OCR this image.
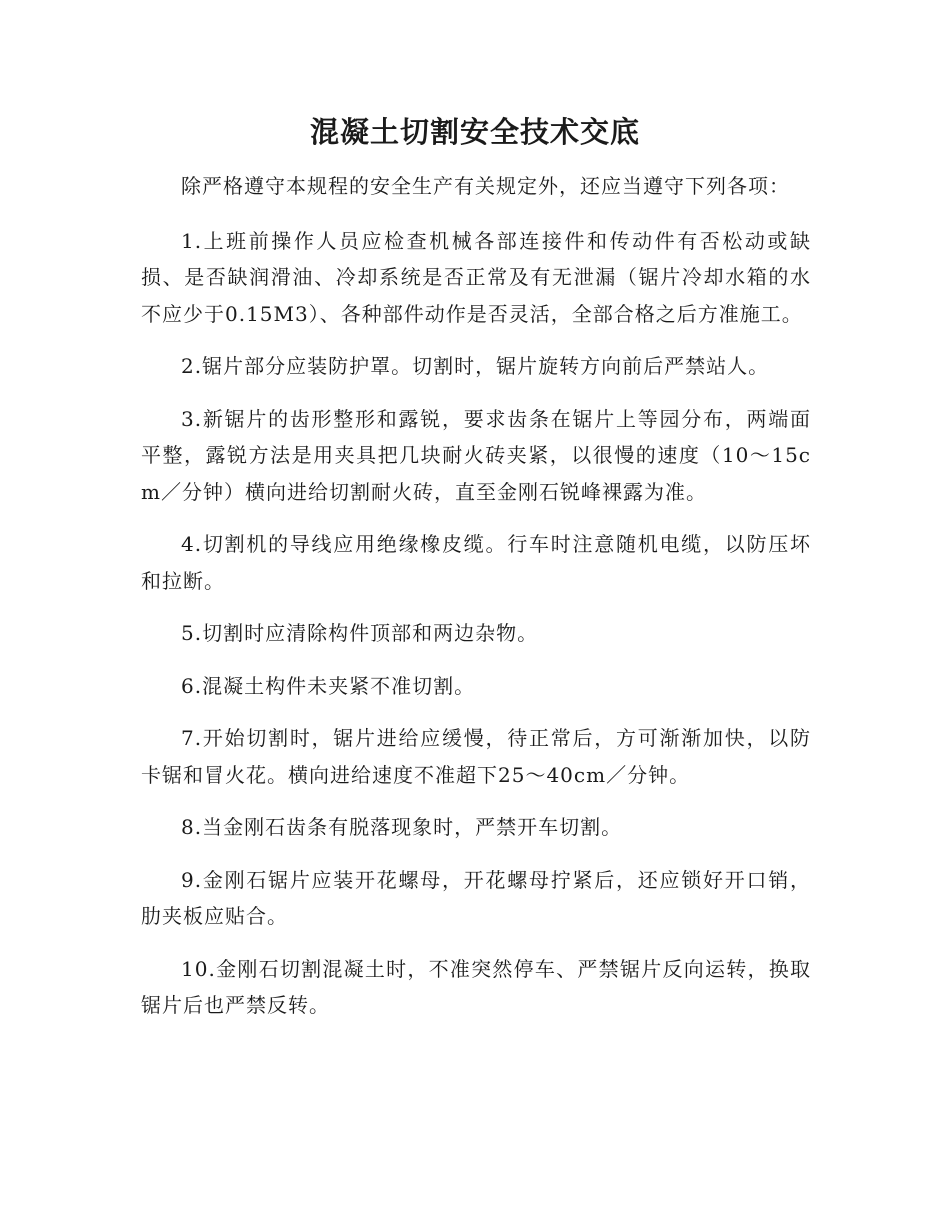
混凝土切割安全技术交底

除严格遵守本规程的安全生产有关规定外，还应当遵守下列各项：

1.上班前操作人员应检查机械各部连接件和传动件有否松动或缺损、是否缺润滑油、冷却系统是否正常及有无泄漏（锯片冷却水箱的水不应少于0.15M3）、各种部件动作是否灵活，全部合格之后方准施工。

2.锯片部分应装防护罩。切割时，锯片旋转方向前后严禁站人。

3.新锯片的齿形整形和露锐，要求齿条在锯片上等园分布，两端面平整，露锐方法是用夹具把几块耐火砖夹紧，以很慢的速度（10～15cm／分钟）横向进给切割耐火砖，直至金刚石锐峰裸露为准。

4.切割机的导线应用绝缘橡皮缆。行车时注意随机电缆，以防压坏和拉断。

5.切割时应清除构件顶部和两边杂物。

6.混凝土构件未夹紧不准切割。

7.开始切割时，锯片进给应缓慢，待正常后，方可渐渐加快，以防卡锯和冒火花。横向进给速度不准超下25～40cm／分钟。

8.当金刚石齿条有脱落现象时，严禁开车切割。

9.金刚石锯片应装开花螺母，开花螺母拧紧后，还应锁好开口销，肋夹板应贴合。

10.金刚石切割混凝土时，不准突然停车、严禁锯片反向运转，换取锯片后也严禁反转。
